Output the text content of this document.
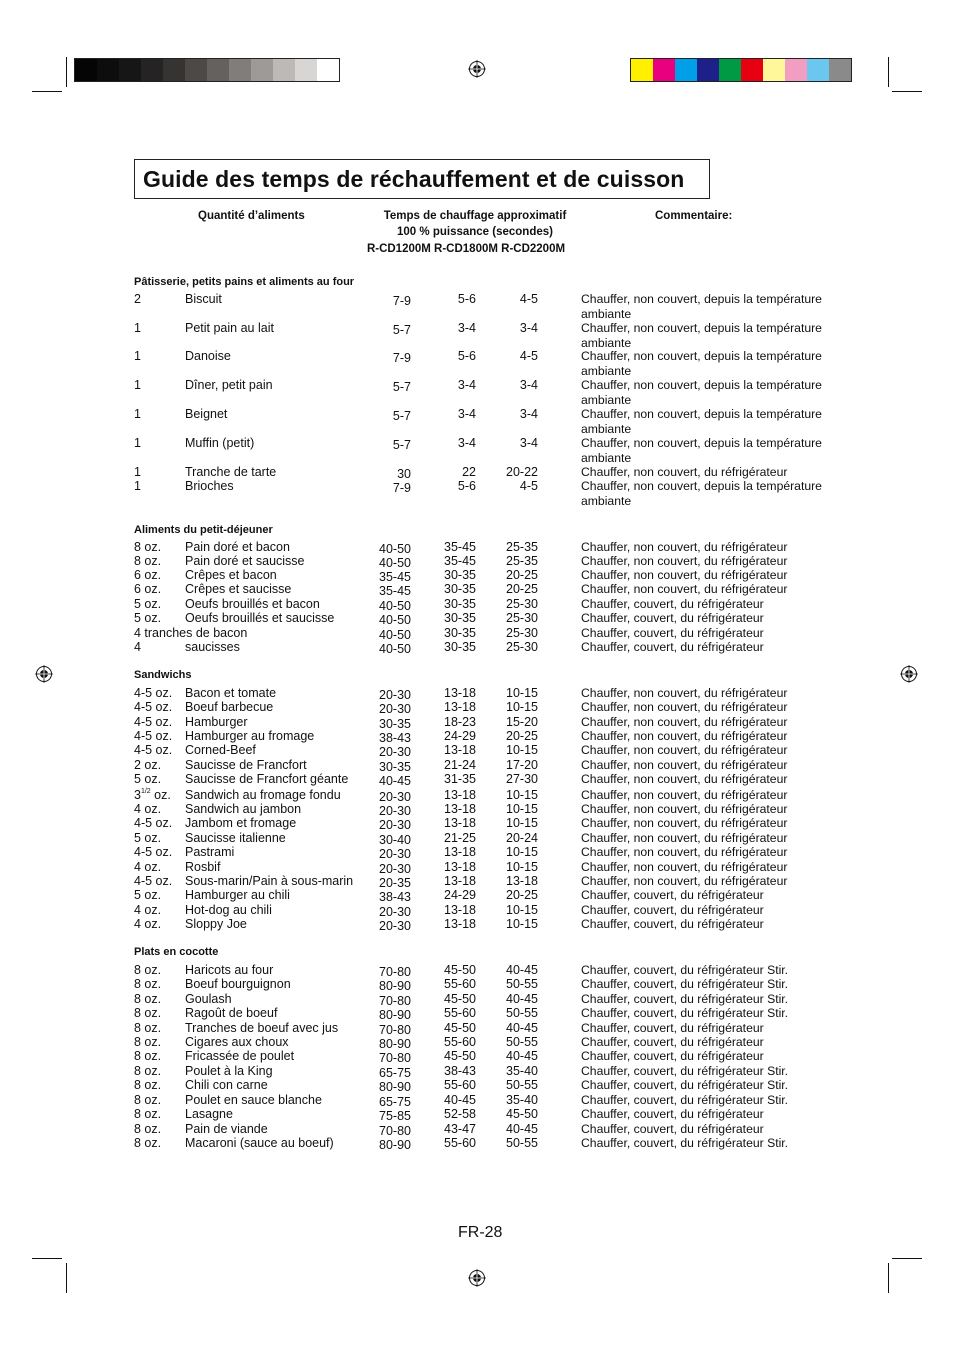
Guide des temps de réchauffement et de cuisson
Quantité d’aliments	Temps de chauffage approximatif
100 % puissance (secondes)
R-CD1200M R-CD1800M R-CD2200M
Commentaire:
Pâtisserie, petits pains et aliments au four
2	Biscuit	7-9	5-6	4-5	Chauffer, non couvert, depuis la température ambiante
1	Petit pain au lait	5-7	3-4	3-4	Chauffer, non couvert, depuis la température ambiante
1	Danoise	7-9	5-6	4-5	Chauffer, non couvert, depuis la température ambiante
1	Dîner, petit pain	5-7	3-4	3-4	Chauffer, non couvert, depuis la température ambiante
1	Beignet	5-7	3-4	3-4	Chauffer, non couvert, depuis la température ambiante
1	Muffin (petit)	5-7	3-4	3-4	Chauffer, non couvert, depuis la température ambiante
1	Tranche de tarte	30	22 20-22	Chauffer, non couvert, du réfrigérateur
1	Brioches	7-9	5-6	4-5	Chauffer, non couvert, depuis la température ambiante
Aliments du petit-déjeuner
8 oz. Pain doré et bacon	40-50	35-45 25-35	Chauffer, non couvert, du réfrigérateur
8 oz. Pain doré et saucisse	40-50	35-45 25-35	Chauffer, non couvert, du réfrigérateur
6 oz. Crêpes et bacon	35-45	30-35 20-25	Chauffer, non couvert, du réfrigérateur
6 oz. Crêpes et saucisse	35-45	30-35 20-25	Chauffer, non couvert, du réfrigérateur
5 oz. Oeufs brouillés et bacon	40-50	30-35 25-30	Chauffer, couvert, du réfrigérateur
5 oz. Oeufs brouillés et saucisse	40-50	30-35 25-30	Chauffer, couvert, du réfrigérateur
4 tranches de bacon	40-50	30-35 25-30	Chauffer, couvert, du réfrigérateur
4	saucisses	40-50	30-35 25-30	Chauffer, couvert, du réfrigérateur
Sandwichs
4-5 oz. Bacon et tomate	20-30	13-18 10-15	Chauffer, non couvert, du réfrigérateur
4-5 oz. Boeuf barbecue	20-30	13-18 10-15	Chauffer, non couvert, du réfrigérateur
4-5 oz. Hamburger	30-35	18-23 15-20	Chauffer, non couvert, du réfrigérateur
4-5 oz. Hamburger au fromage	38-43	24-29 20-25	Chauffer, non couvert, du réfrigérateur
4-5 oz. Corned-Beef	20-30	13-18 10-15	Chauffer, non couvert, du réfrigérateur
2 oz. Saucisse de Francfort	30-35	21-24 17-20	Chauffer, non couvert, du réfrigérateur
5 oz. Saucisse de Francfort géante 40-45	31-35 27-30	Chauffer, non couvert, du réfrigérateur
$3^{1/2}$ oz. Sandwich au fromage fondu	20-30	13-18 10-15	Chauffer, non couvert, du réfrigérateur
4 oz. Sandwich au jambon	20-30	13-18 10-15	Chauffer, non couvert, du réfrigérateur
4-5 oz. Jambom et fromage	20-30	13-18 10-15	Chauffer, non couvert, du réfrigérateur
5 oz. Saucisse italienne	30-40	21-25 20-24	Chauffer, non couvert, du réfrigérateur
4-5 oz. Pastrami	20-30	13-18 10-15	Chauffer, non couvert, du réfrigérateur
4 oz. Rosbif	20-30	13-18 10-15	Chauffer, non couvert, du réfrigérateur
4-5 oz. Sous-marin/Pain à sous-marin 20-35	13-18 13-18	Chauffer, non couvert, du réfrigérateur
5 oz. Hamburger au chili	38-43	24-29 20-25	Chauffer, couvert, du réfrigérateur
4 oz. Hot-dog au chili	20-30	13-18 10-15	Chauffer, couvert, du réfrigérateur
4 oz. Sloppy Joe	20-30	13-18 10-15	Chauffer, couvert, du réfrigérateur
Plats en cocotte
8 oz. Haricots au four	70-80	45-50 40-45	Chauffer, couvert, du réfrigérateur Stir.
8 oz. Boeuf bourguignon	80-90	55-60 50-55	Chauffer, couvert, du réfrigérateur Stir.
8 oz. Goulash	70-80	45-50 40-45	Chauffer, couvert, du réfrigérateur Stir.
8 oz. Ragoût de boeuf	80-90	55-60 50-55	Chauffer, couvert, du réfrigérateur Stir.
8 oz. Tranches de boeuf avec jus	70-80	45-50 40-45	Chauffer, couvert, du réfrigérateur
8 oz. Cigares aux choux	80-90	55-60 50-55	Chauffer, couvert, du réfrigérateur
8 oz. Fricassée de poulet	70-80	45-50 40-45	Chauffer, couvert, du réfrigérateur
8 oz. Poulet à la King	65-75	38-43 35-40	Chauffer, couvert, du réfrigérateur Stir.
8 oz. Chili con carne	80-90	55-60 50-55	Chauffer, couvert, du réfrigérateur Stir.
8 oz. Poulet en sauce blanche	65-75	40-45 35-40	Chauffer, couvert, du réfrigérateur Stir.
8 oz. Lasagne	75-85	52-58 45-50	Chauffer, couvert, du réfrigérateur
8 oz. Pain de viande	70-80	43-47 40-45	Chauffer, couvert, du réfrigérateur
8 oz. Macaroni (sauce au boeuf)	80-90	55-60 50-55	Chauffer, couvert, du réfrigérateur Stir.
FR-28
